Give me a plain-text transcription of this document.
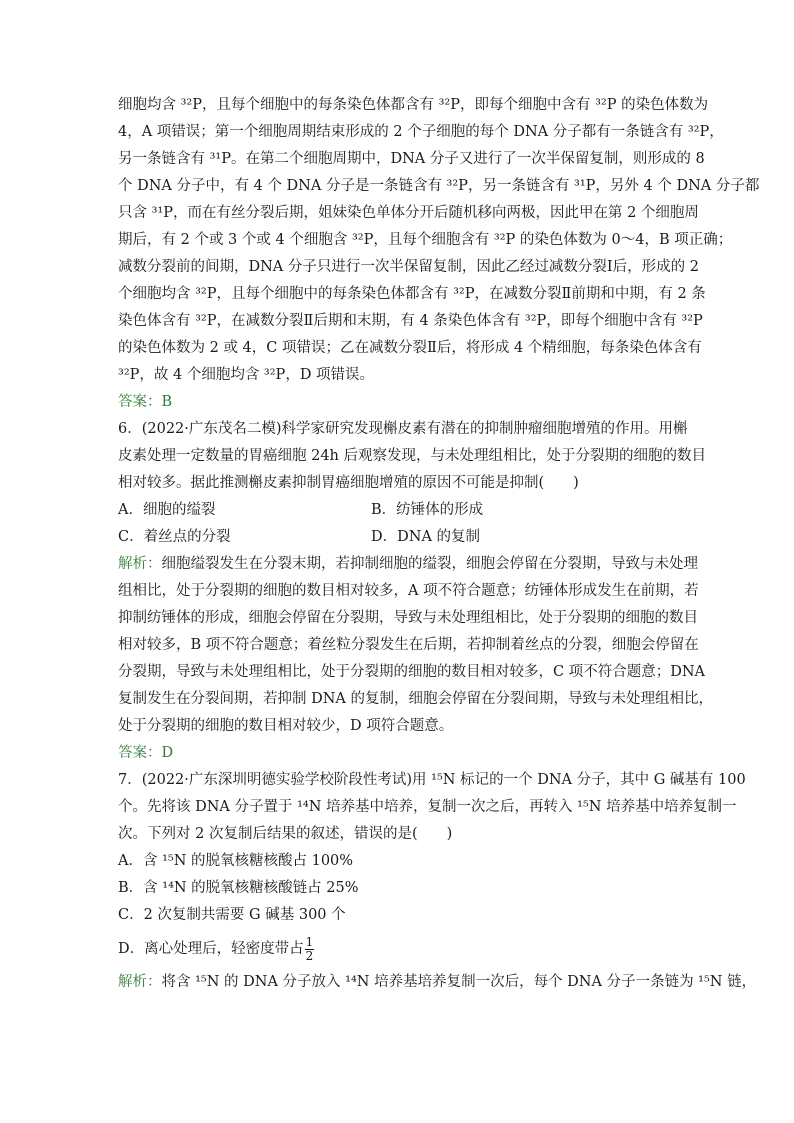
细胞均含 ³²P，且每个细胞中的每条染色体都含有 ³²P，即每个细胞中含有 ³²P 的染色体数为
4，A 项错误；第一个细胞周期结束形成的 2 个子细胞的每个 DNA 分子都有一条链含有 ³²P，
另一条链含有 ³¹P。在第二个细胞周期中，DNA 分子又进行了一次半保留复制，则形成的 8
个 DNA 分子中，有 4 个 DNA 分子是一条链含有 ³²P，另一条链含有 ³¹P，另外 4 个 DNA 分子都
只含 ³¹P，而在有丝分裂后期，姐妹染色单体分开后随机移向两极，因此甲在第 2 个细胞周
期后，有 2 个或 3 个或 4 个细胞含 ³²P，且每个细胞含有 ³²P 的染色体数为 0～4，B 项正确；
减数分裂前的间期，DNA 分子只进行一次半保留复制，因此乙经过减数分裂Ⅰ后，形成的 2
个细胞均含 ³²P，且每个细胞中的每条染色体都含有 ³²P，在减数分裂Ⅱ前期和中期，有 2 条
染色体含有 ³²P，在减数分裂Ⅱ后期和末期，有 4 条染色体含有 ³²P，即每个细胞中含有 ³²P
的染色体数为 2 或 4，C 项错误；乙在减数分裂Ⅱ后，将形成 4 个精细胞，每条染色体含有
³²P，故 4 个细胞均含 ³²P，D 项错误。
答案：B
6．(2022·广东茂名二模)科学家研究发现槲皮素有潜在的抑制肿瘤细胞增殖的作用。用槲
皮素处理一定数量的胃癌细胞 24h 后观察发现，与未处理组相比，处于分裂期的细胞的数目
相对较多。据此推测槲皮素抑制胃癌细胞增殖的原因不可能是抑制(　　)
A．细胞的缢裂	B．纺锤体的形成
C．着丝点的分裂	D．DNA 的复制
解析：细胞缢裂发生在分裂末期，若抑制细胞的缢裂，细胞会停留在分裂期，导致与未处理
组相比，处于分裂期的细胞的数目相对较多，A 项不符合题意；纺锤体形成发生在前期，若
抑制纺锤体的形成，细胞会停留在分裂期，导致与未处理组相比，处于分裂期的细胞的数目
相对较多，B 项不符合题意；着丝粒分裂发生在后期，若抑制着丝点的分裂，细胞会停留在
分裂期，导致与未处理组相比，处于分裂期的细胞的数目相对较多，C 项不符合题意；DNA
复制发生在分裂间期，若抑制 DNA 的复制，细胞会停留在分裂间期，导致与未处理组相比，
处于分裂期的细胞的数目相对较少，D 项符合题意。
答案：D
7．(2022·广东深圳明德实验学校阶段性考试)用 ¹⁵N 标记的一个 DNA 分子，其中 G 碱基有 100
个。先将该 DNA 分子置于 ¹⁴N 培养基中培养，复制一次之后，再转入 ¹⁵N 培养基中培养复制一
次。下列对 2 次复制后结果的叙述，错误的是(　　)
A．含 ¹⁵N 的脱氧核糖核酸占 100%
B．含 ¹⁴N 的脱氧核糖核酸链占 25%
C．2 次复制共需要 G 碱基 300 个
D．离心处理后，轻密度带占 $\frac{1}{2}$
解析：将含 ¹⁵N 的 DNA 分子放入 ¹⁴N 培养基培养复制一次后，每个 DNA 分子一条链为 ¹⁵N 链，
